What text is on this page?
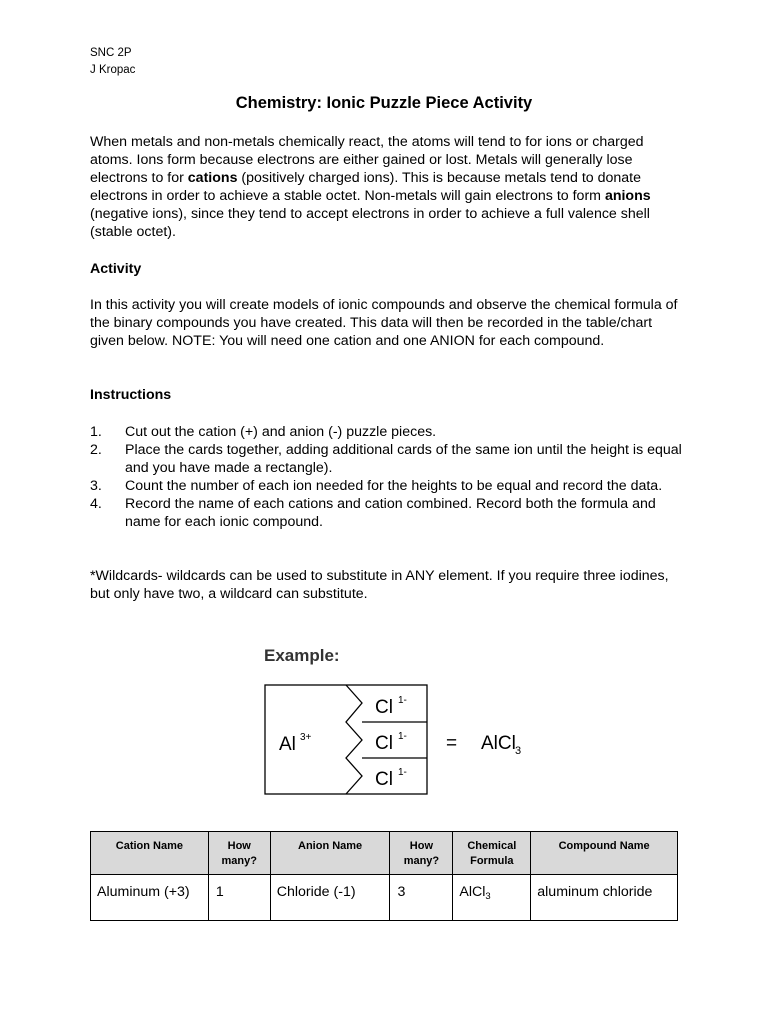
SNC 2P
J Kropac
Chemistry: Ionic Puzzle Piece Activity
When metals and non-metals chemically react, the atoms will tend to for ions or charged atoms. Ions form because electrons are either gained or lost. Metals will generally lose electrons to for cations (positively charged ions). This is because metals tend to donate electrons in order to achieve a stable octet. Non-metals will gain electrons to form anions (negative ions), since they tend to accept electrons in order to achieve a full valence shell (stable octet).
Activity
In this activity you will create models of ionic compounds and observe the chemical formula of the binary compounds you have created. This data will then be recorded in the table/chart given below. NOTE: You will need one cation and one ANION for each compound.
Instructions
1.	Cut out the cation (+) and anion (-) puzzle pieces.
2.	Place the cards together, adding additional cards of the same ion until the height is equal and you have made a rectangle).
3.	Count the number of each ion needed for the heights to be equal and record the data.
4.	Record the name of each cations and cation combined. Record both the formula and name for each ionic compound.
*Wildcards- wildcards can be used to substitute in ANY element. If you require three iodines, but only have two, a wildcard can substitute.
Example:
Al 3+
Cl 1-
Cl 1-
Cl 1-
= AlCl 3
Cation Name	How many?	Anion Name	How many?	Chemical Formula	Compound Name
Aluminum (+3)	1	Chloride (-1)	3	AlCl$_3$	aluminum chloride
